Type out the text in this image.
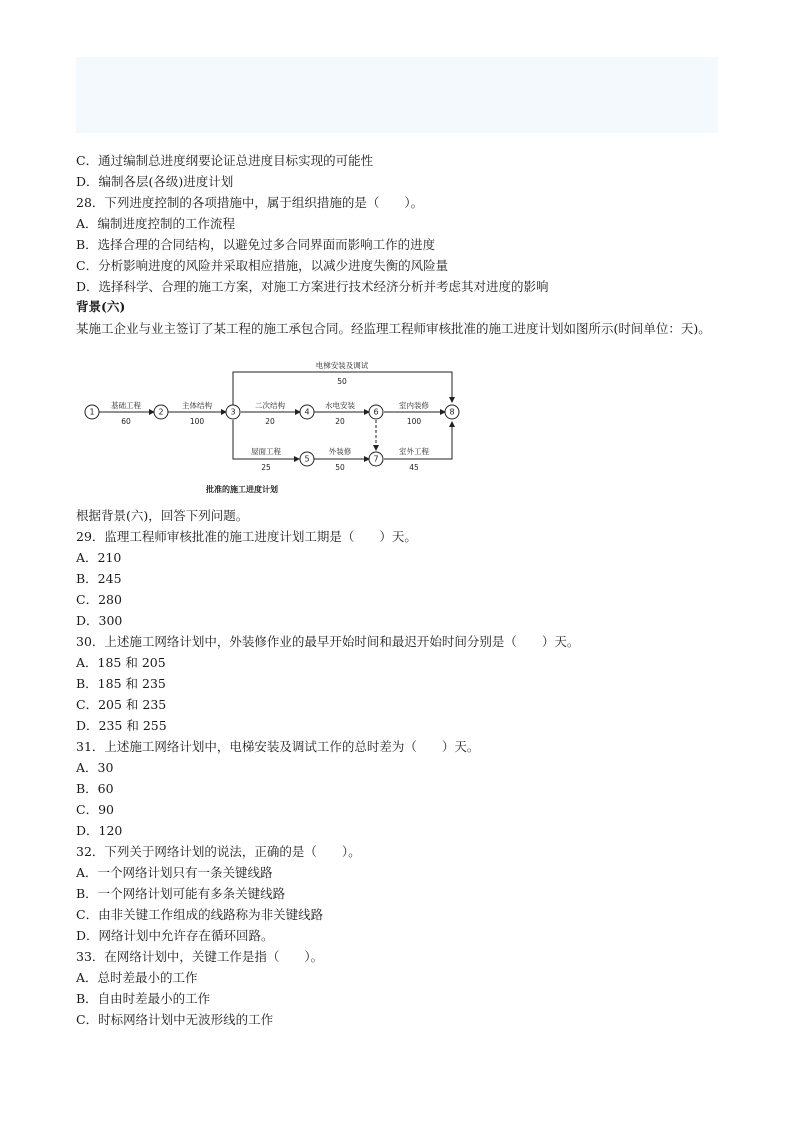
C．通过编制总进度纲要论证总进度目标实现的可能性
D．编制各层(各级)进度计划
28．下列进度控制的各项措施中，属于组织措施的是（　　）。
A．编制进度控制的工作流程
B．选择合理的合同结构，以避免过多合同界面而影响工作的进度
C．分析影响进度的风险并采取相应措施，以减少进度失衡的风险量
D．选择科学、合理的施工方案，对施工方案进行技术经济分析并考虑其对进度的影响
背景(六)
某施工企业与业主签订了某工程的施工承包合同。经监理工程师审核批准的施工进度计划如图所示(时间单位：天)。
1	2	3	4
5
6
7
8
基础工程
60
主体结构
100
二次结构
20
水电安装
20
室内装修
100
电梯安装及调试
50
屋面工程
25
外装修
50
室外工程
45
批准的施工进度计划
根据背景(六)，回答下列问题。
29．监理工程师审核批准的施工进度计划工期是（　　）天。
A．210
B．245
C．280
D．300
30．上述施工网络计划中，外装修作业的最早开始时间和最迟开始时间分别是（　　）天。
A．185 和 205
B．185 和 235
C．205 和 235
D．235 和 255
31．上述施工网络计划中，电梯安装及调试工作的总时差为（　　）天。
A．30
B．60
C．90
D．120
32．下列关于网络计划的说法，正确的是（　　）。
A．一个网络计划只有一条关键线路
B．一个网络计划可能有多条关键线路
C．由非关键工作组成的线路称为非关键线路
D．网络计划中允许存在循环回路。
33．在网络计划中，关键工作是指（　　）。
A．总时差最小的工作
B．自由时差最小的工作
C．时标网络计划中无波形线的工作
